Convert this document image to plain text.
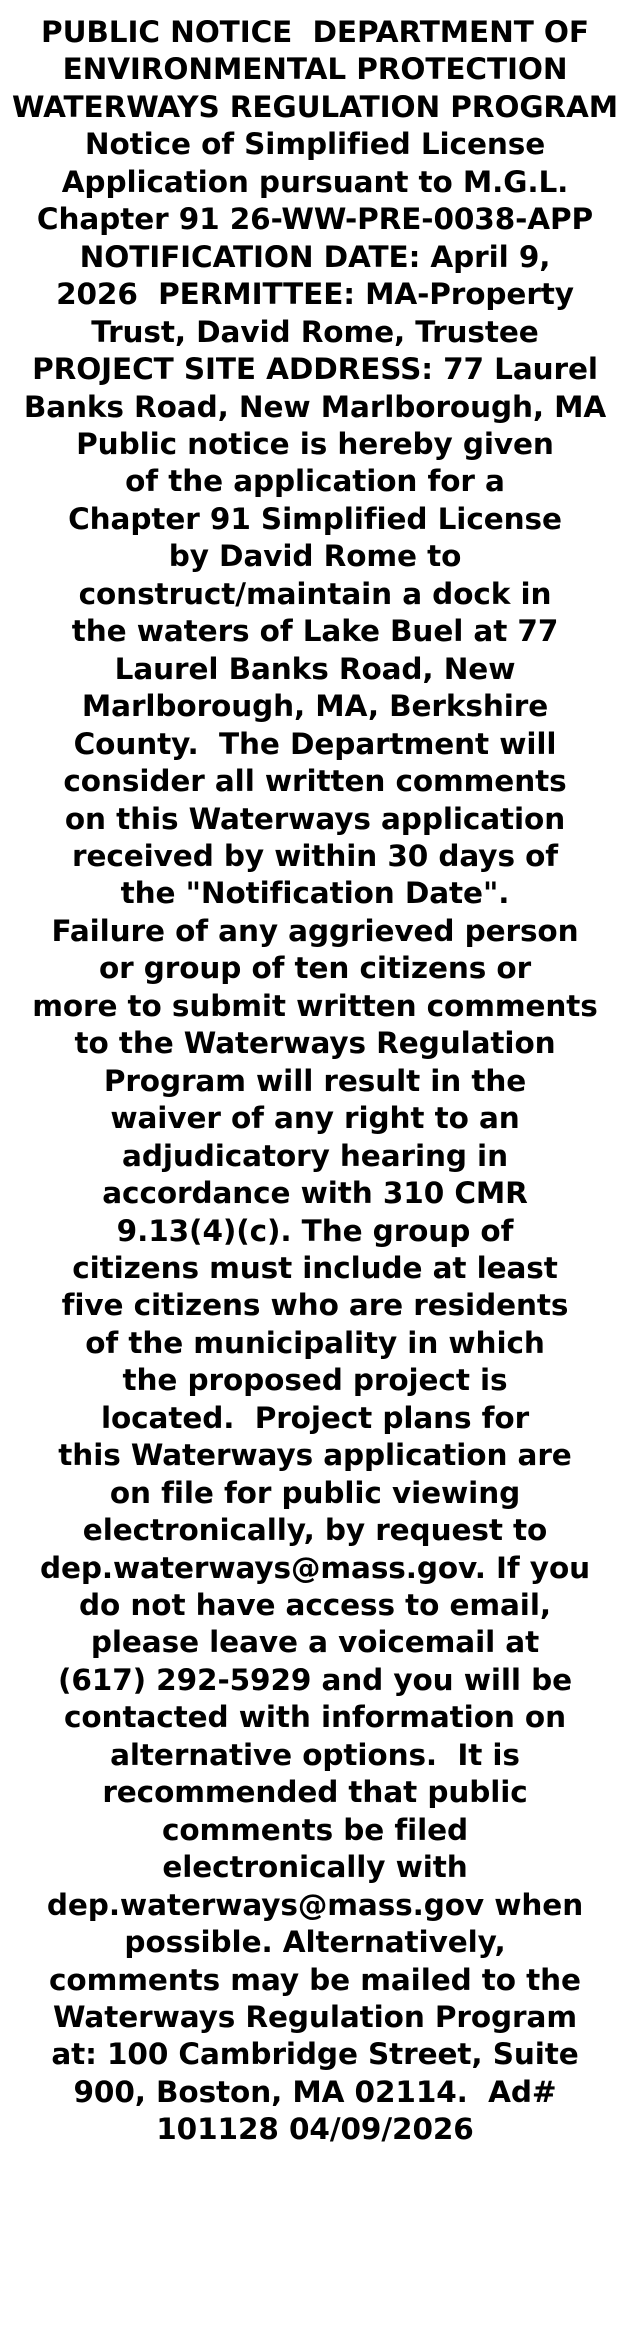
PUBLIC NOTICE  DEPARTMENT OF
ENVIRONMENTAL PROTECTION
WATERWAYS REGULATION PROGRAM
Notice of Simplified License
Application pursuant to M.G.L.
Chapter 91 26-WW-PRE-0038-APP
NOTIFICATION DATE: April 9,
2026  PERMITTEE: MA-Property
Trust, David Rome, Trustee
PROJECT SITE ADDRESS: 77 Laurel
Banks Road, New Marlborough, MA
Public notice is hereby given
of the application for a
Chapter 91 Simplified License
by David Rome to
construct/maintain a dock in
the waters of Lake Buel at 77
Laurel Banks Road, New
Marlborough, MA, Berkshire
County.  The Department will
consider all written comments
on this Waterways application
received by within 30 days of
the "Notification Date".
Failure of any aggrieved person
or group of ten citizens or
more to submit written comments
to the Waterways Regulation
Program will result in the
waiver of any right to an
adjudicatory hearing in
accordance with 310 CMR
9.13(4)(c). The group of
citizens must include at least
five citizens who are residents
of the municipality in which
the proposed project is
located.  Project plans for
this Waterways application are
on file for public viewing
electronically, by request to
dep.waterways@mass.gov. If you
do not have access to email,
please leave a voicemail at
(617) 292-5929 and you will be
contacted with information on
alternative options.  It is
recommended that public
comments be filed
electronically with
dep.waterways@mass.gov when
possible. Alternatively,
comments may be mailed to the
Waterways Regulation Program
at: 100 Cambridge Street, Suite
900, Boston, MA 02114.  Ad#
101128 04/09/2026
